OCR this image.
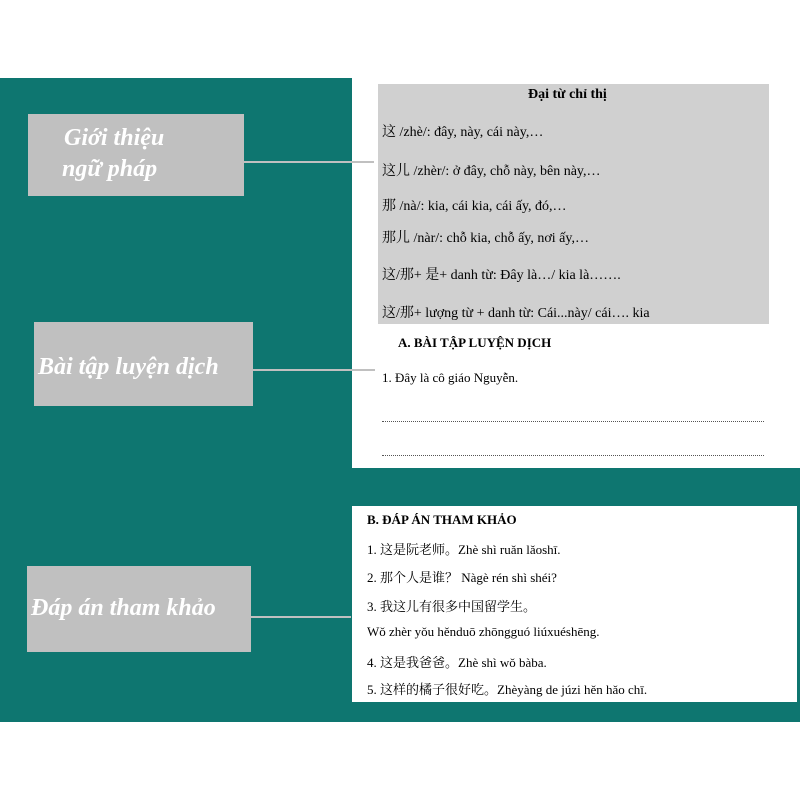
Giới thiệu
ngữ pháp
Bài tập luyện dịch
Đáp án tham khảo
Đại từ chỉ thị
这 /zhè/: đây, này, cái này,…
这儿 /zhèr/: ở đây, chỗ này, bên này,…
那 /nà/: kia, cái kia, cái ấy, đó,…
那儿 /nàr/: chỗ kia, chỗ ấy, nơi ấy,…
这/那+ 是+ danh từ: Đây là…/ kia là…….
这/那+ lượng từ + danh từ: Cái...này/ cái…. kia
A. BÀI TẬP LUYỆN DỊCH
1. Đây là cô giáo Nguyễn.
B. ĐÁP ÁN THAM KHẢO
1. 这是阮老师。Zhè shì ruǎn lǎoshī.
2. 那个人是谁？ Nàgè rén shì shéi?
3. 我这儿有很多中国留学生。
Wǒ zhèr yǒu hěnduō zhōngguó liúxuéshēng.
4. 这是我爸爸。Zhè shì wǒ bàba.
5. 这样的橘子很好吃。Zhèyàng de júzi hěn hǎo chī.
